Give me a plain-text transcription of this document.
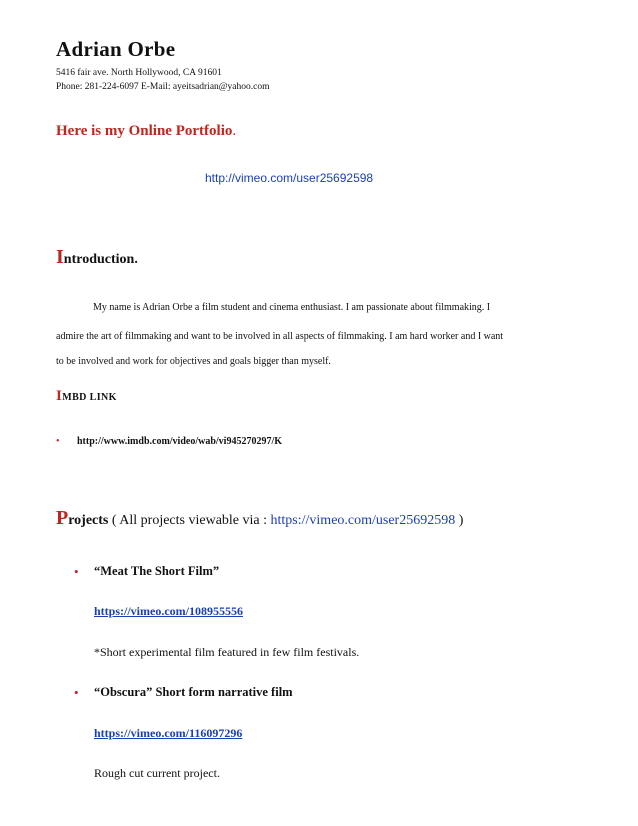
Adrian Orbe
5416 fair ave. North Hollywood, CA 91601
Phone: 281-224-6097 E-Mail: ayeitsadrian@yahoo.com
Here is my Online Portfolio.
http://vimeo.com/user25692598
Introduction.
My name is Adrian Orbe a film student and cinema enthusiast. I am passionate about filmmaking. I
admire the art of filmmaking and want to be involved in all aspects of filmmaking. I am hard worker and I want
to be involved and work for objectives and goals bigger than myself.
IMBD LINK
• http://www.imdb.com/video/wab/vi945270297/K
Projects ( All projects viewable via : https://vimeo.com/user25692598 )
• “Meat The Short Film”
https://vimeo.com/108955556
*Short experimental film featured in few film festivals.
• “Obscura” Short form narrative film
https://vimeo.com/116097296
Rough cut current project.
